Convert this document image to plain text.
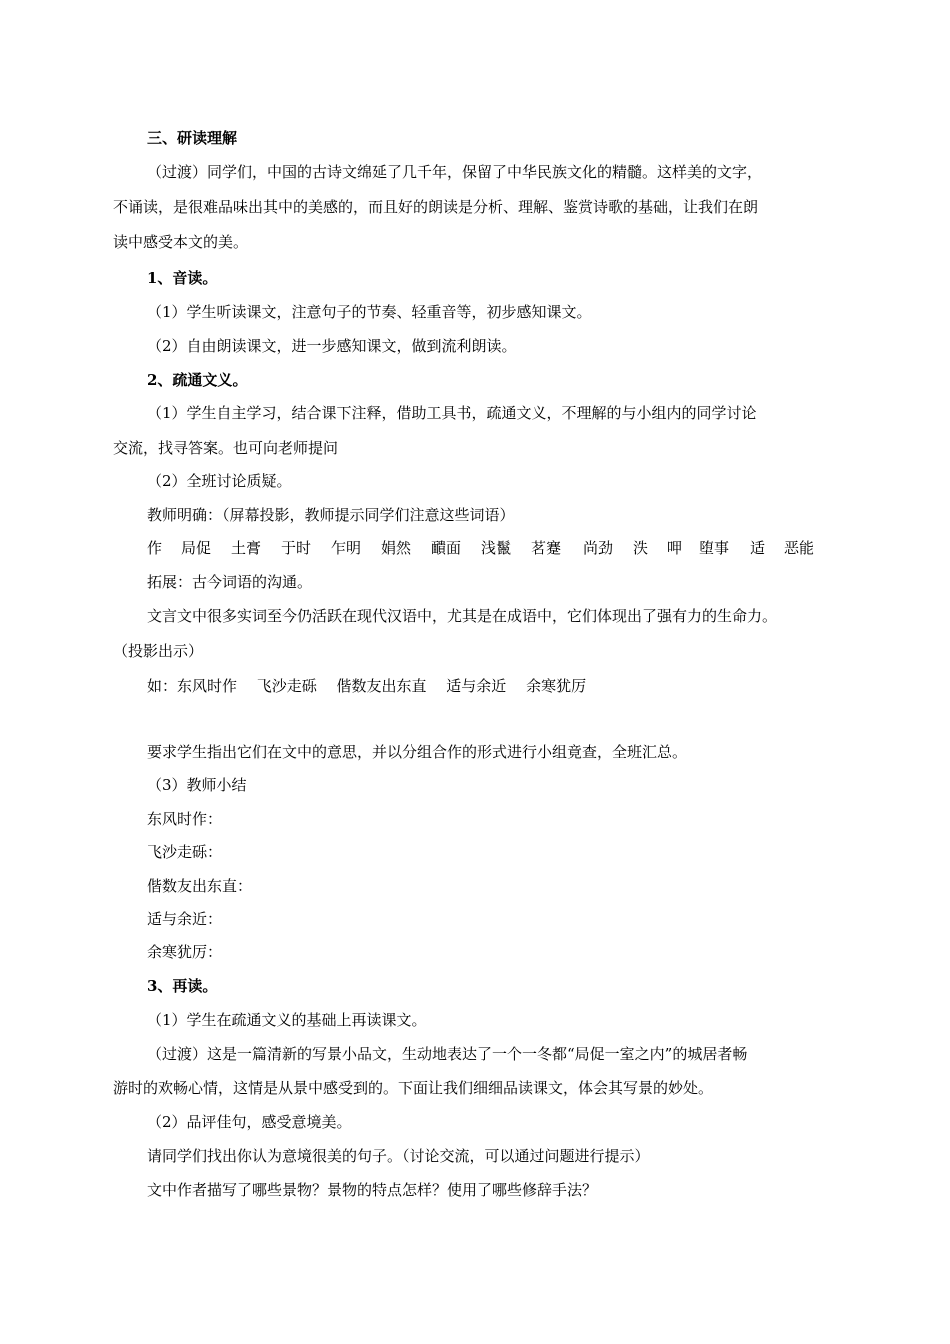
三、研读理解
（过渡）同学们，中国的古诗文绵延了几千年，保留了中华民族文化的精髓。这样美的文字，
不诵读，是很难品味出其中的美感的，而且好的朗读是分析、理解、鉴赏诗歌的基础，让我们在朗
读中感受本文的美。
1、音读。
（1）学生听读课文，注意句子的节奏、轻重音等，初步感知课文。
（2）自由朗读课文，进一步感知课文，做到流利朗读。
2、疏通文义。
（1）学生自主学习，结合课下注释，借助工具书，疏通文义，不理解的与小组内的同学讨论
交流，找寻答案。也可向老师提问
（2）全班讨论质疑。
教师明确：（屏幕投影，教师提示同学们注意这些词语）
作 局促 土膏 于时 乍明 娟然 靧面 浅鬣 茗蹇 尚劲 泆 呷 堕事 适 恶能
拓展：古今词语的沟通。
文言文中很多实词至今仍活跃在现代汉语中，尤其是在成语中，它们体现出了强有力的生命力。
（投影出示）
如：东风时作　 飞沙走砾　 偕数友出东直　 适与余近　 余寒犹厉
要求学生指出它们在文中的意思，并以分组合作的形式进行小组竟查，全班汇总。
（3）教师小结
东风时作：
飞沙走砾：
偕数友出东直：
适与余近：
余寒犹厉：
3、再读。
（1）学生在疏通文义的基础上再读课文。
（过渡）这是一篇清新的写景小品文，生动地表达了一个一冬都“局促一室之内”的城居者畅
游时的欢畅心情，这情是从景中感受到的。下面让我们细细品读课文，体会其写景的妙处。
（2）品评佳句，感受意境美。
请同学们找出你认为意境很美的句子。（讨论交流，可以通过问题进行提示）
文中作者描写了哪些景物？景物的特点怎样？使用了哪些修辞手法？
